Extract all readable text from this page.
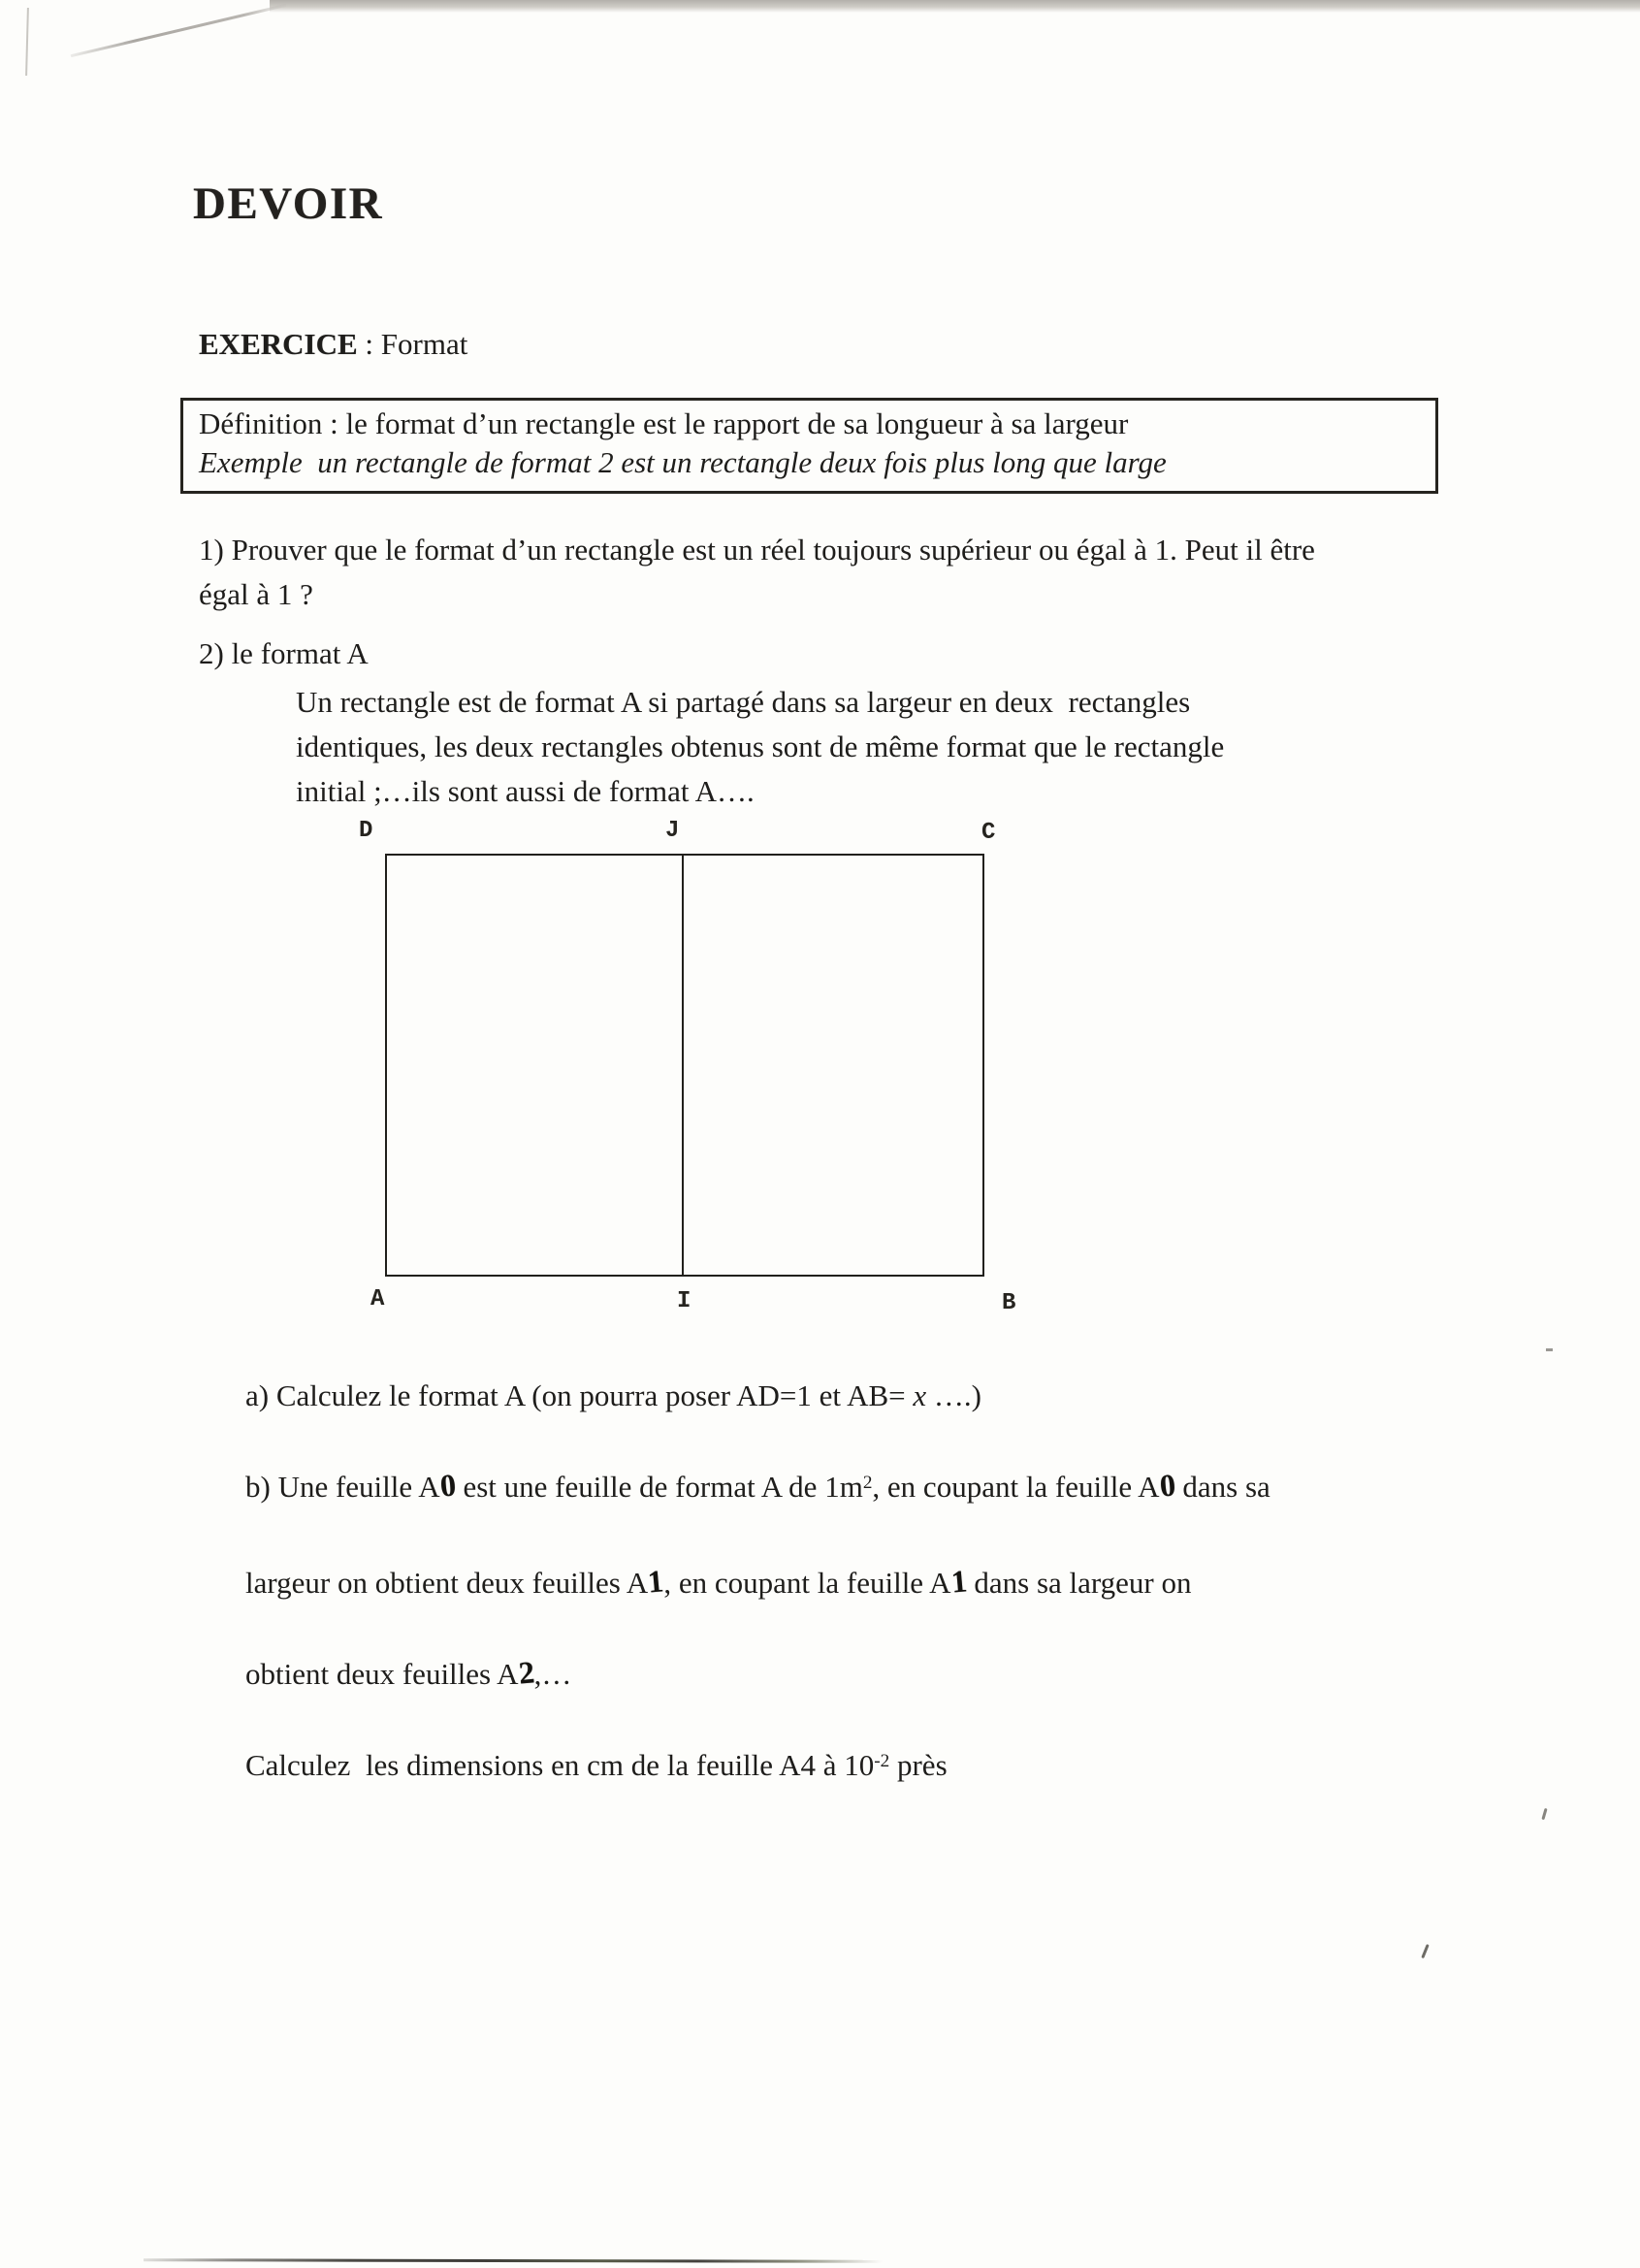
DEVOIR
EXERCICE : Format
Définition : le format d’un rectangle est le rapport de sa longueur à sa largeur
Exemple  un rectangle de format 2 est un rectangle deux fois plus long que large
1) Prouver que le format d’un rectangle est un réel toujours supérieur ou égal à 1. Peut il être
égal à 1 ?
2) le format A
Un rectangle est de format A si partagé dans sa largeur en deux  rectangles
identiques, les deux rectangles obtenus sont de même format que le rectangle
initial ;…ils sont aussi de format A….
D	J	C
A	I	B
a) Calculez le format A (on pourra poser AD=1 et AB= x ….)

b) Une feuille A0 est une feuille de format A de $1m^2$, en coupant la feuille A0 dans sa

largeur on obtient deux feuilles A1, en coupant la feuille A1 dans sa largeur on

obtient deux feuilles A2,…

Calculez  les dimensions en cm de la feuille A4 à $10^{-2}$ près
